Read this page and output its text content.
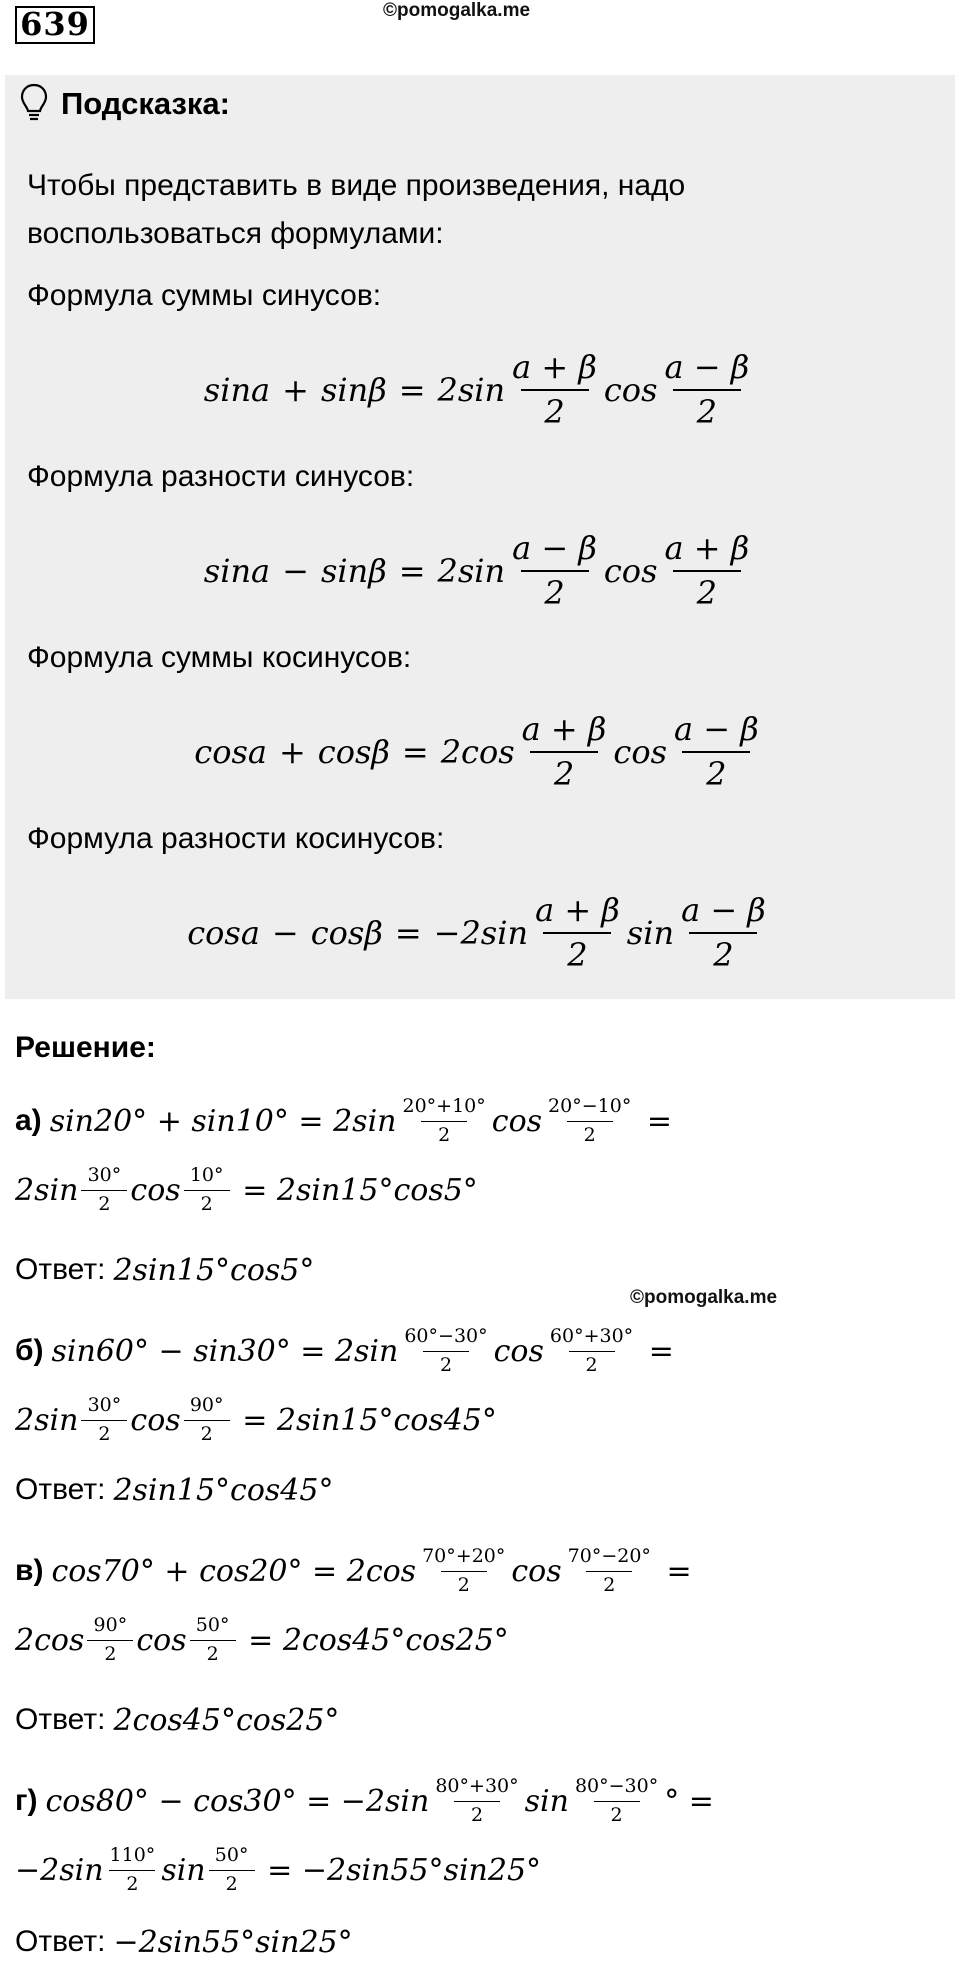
639	©pomogalka.me
Подсказка:
Чтобы представить в виде произведения, надо
воспользоваться формулами:
Формула суммы синусов:
$\sin a + \sin\beta = 2\sin \frac{a + \beta}{2}$ $\cos \frac{a - \beta}{2}$
Формула разности синусов:
$\sin a - \sin\beta = 2\sin \frac{a - \beta}{2}$ $\cos \frac{a + \beta}{2}$
Формула суммы косинусов:
$\cos a + \cos\beta = 2\cos \frac{a + \beta}{2}$ $\cos \frac{a - \beta}{2}$
Формула разности косинусов:
$\cos a - \cos\beta = -2\sin \frac{a + \beta}{2}$ $\sin \frac{a - \beta}{2}$
Решение:
а) sin20° + sin10° =
$2\sin \frac{20^\circ+10^\circ}{2}$ $\cos \frac{20^\circ-10^\circ}{2}$
=
$2\sin \frac{30^\circ}{2}$ $\cos \frac{10^\circ}{2}$
= 2sin15°cos5°
Ответ: 2sin15°cos5°
©pomogalka.me
б) sin60° − sin30° =
$2\sin \frac{60^\circ-30^\circ}{2}$ $\cos \frac{60^\circ+30^\circ}{2}$
=
$2\sin \frac{30^\circ}{2}$ $\cos \frac{90^\circ}{2}$
= 2sin15°cos45°
Ответ: 2sin15°cos45°
в) cos70° + cos20° =
$2\cos \frac{70^\circ+20^\circ}{2}$ $\cos \frac{70^\circ-20^\circ}{2}$
=
$2\cos \frac{90^\circ}{2}$ $\cos \frac{50^\circ}{2}$
= 2cos45°cos25°
Ответ: 2cos45°cos25°
г) cos80° − cos30° =
$-2\sin \frac{80^\circ+30^\circ}{2}$ $\sin \frac{80^\circ-30^\circ}{2}$ ° =
$-2\sin \frac{110^\circ}{2}$ $\sin \frac{50^\circ}{2}$
= −2sin55°sin25°
Ответ: −2sin55°sin25°
